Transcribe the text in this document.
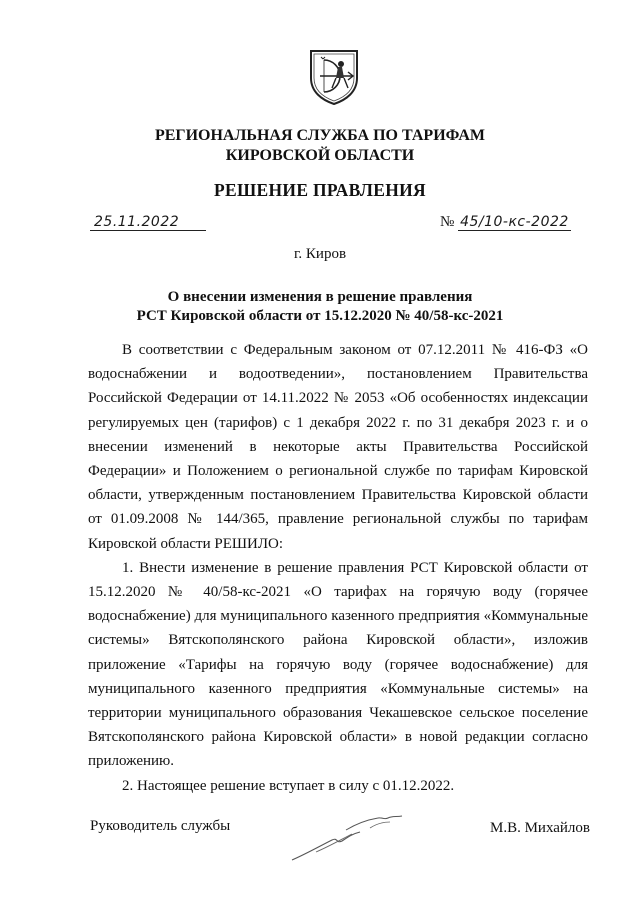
РЕГИОНАЛЬНАЯ СЛУЖБА ПО ТАРИФАМ
КИРОВСКОЙ ОБЛАСТИ
РЕШЕНИЕ ПРАВЛЕНИЯ
25.11.2022	№ 45/10-кс-2022
г. Киров
О внесении изменения в решение правления
РСТ Кировской области от 15.12.2020 № 40/58-кс-2021

В соответствии с Федеральным законом от 07.12.2011 № 416-ФЗ «О водоснабжении и водоотведении», постановлением Правительства Российской Федерации от 14.11.2022 № 2053 «Об особенностях индексации регулируемых цен (тарифов) с 1 декабря 2022 г. по 31 декабря 2023 г. и о внесении изменений в некоторые акты Правительства Российской Федерации» и Положением о региональной службе по тарифам Кировской области, утвержденным постановлением Правительства Кировской области от 01.09.2008 № 144/365, правление региональной службы по тарифам Кировской области РЕШИЛО:

1. Внести изменение в решение правления РСТ Кировской области от 15.12.2020 № 40/58-кс-2021 «О тарифах на горячую воду (горячее водоснабжение) для муниципального казенного предприятия «Коммунальные системы» Вятскополянского района Кировской области», изложив приложение «Тарифы на горячую воду (горячее водоснабжение) для муниципального казенного предприятия «Коммунальные системы» на территории муниципального образования Чекашевское сельское поселение Вятскополянского района Кировской области» в новой редакции согласно приложению.

2. Настоящее решение вступает в силу с 01.12.2022.

Руководитель службы	М.В. Михайлов
